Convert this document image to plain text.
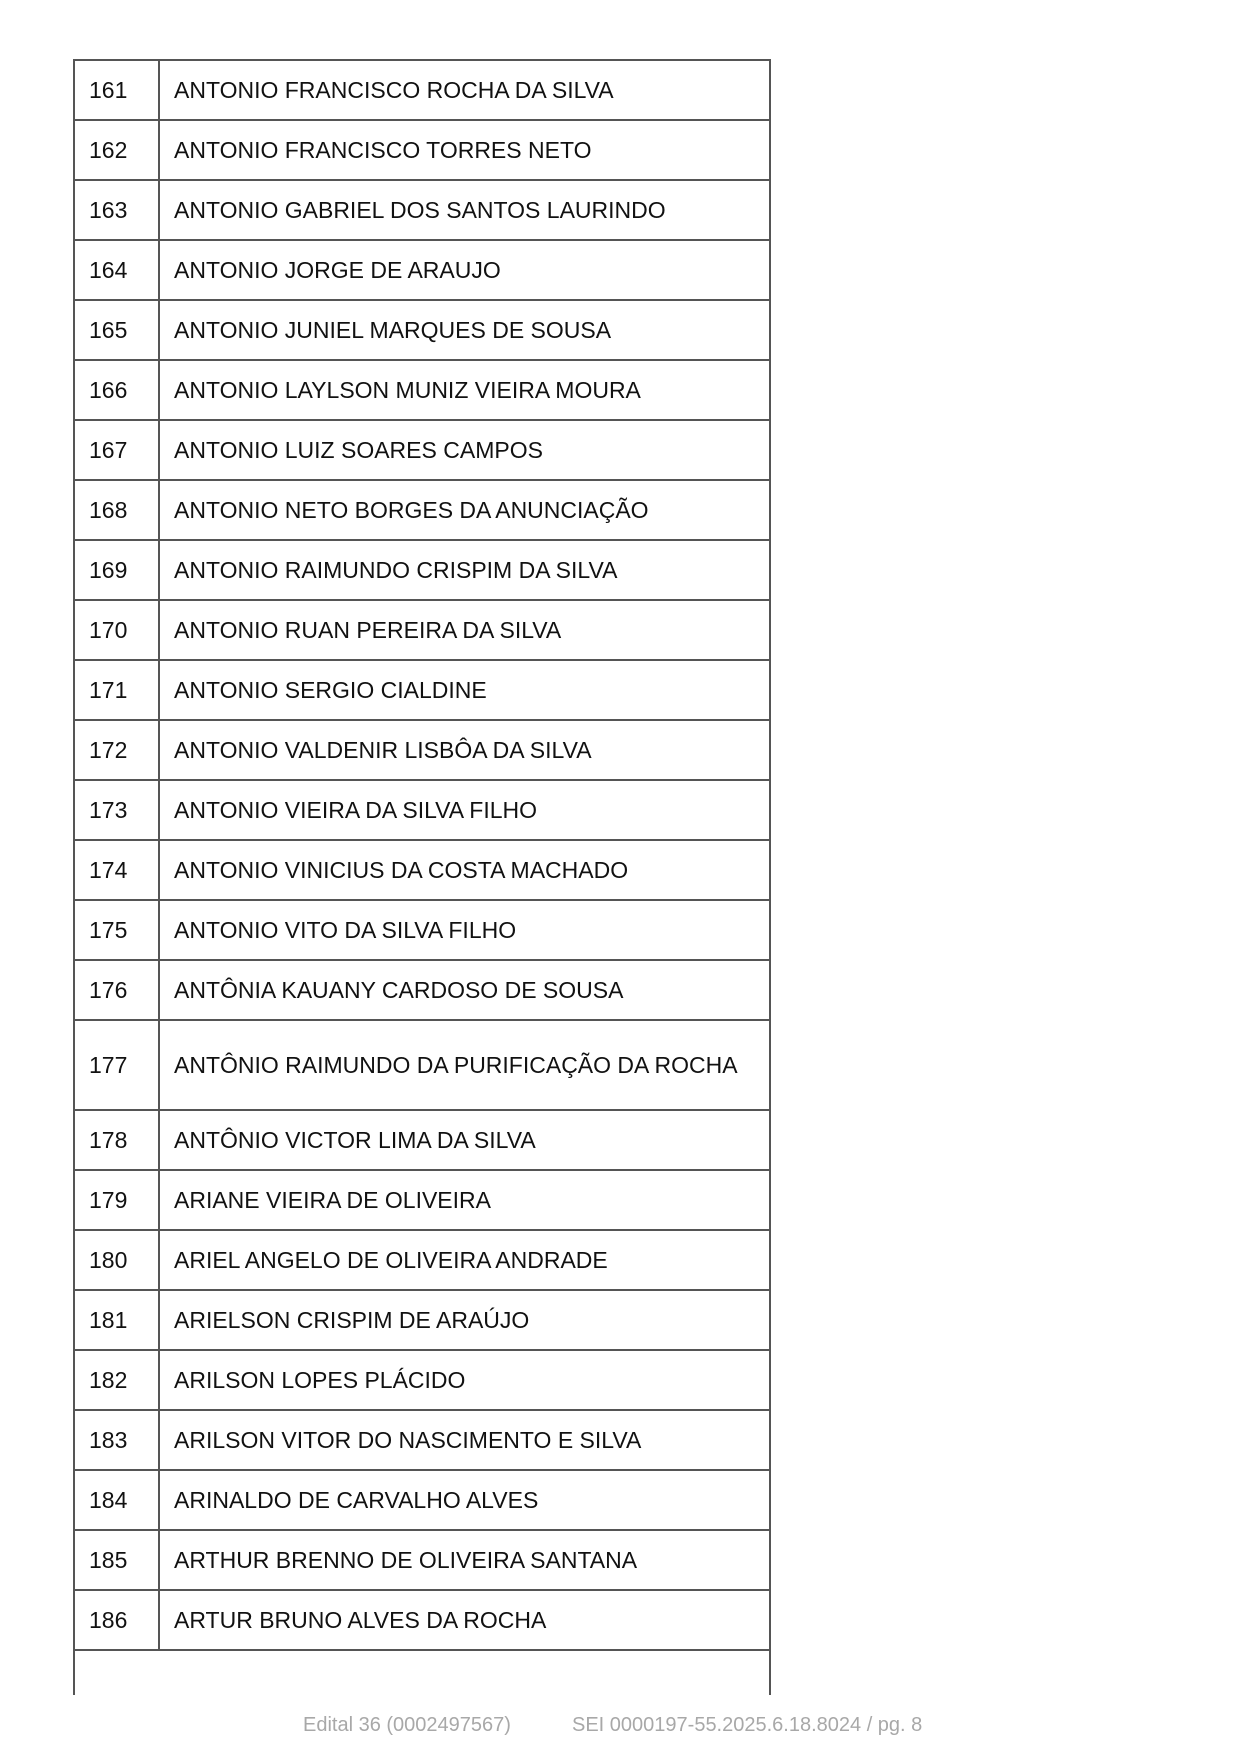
161	ANTONIO FRANCISCO ROCHA DA SILVA
162	ANTONIO FRANCISCO TORRES NETO
163	ANTONIO GABRIEL DOS SANTOS LAURINDO
164	ANTONIO JORGE DE ARAUJO
165	ANTONIO JUNIEL MARQUES DE SOUSA
166	ANTONIO LAYLSON MUNIZ VIEIRA MOURA
167	ANTONIO LUIZ SOARES CAMPOS
168	ANTONIO NETO BORGES DA ANUNCIAÇÃO
169	ANTONIO RAIMUNDO CRISPIM DA SILVA
170	ANTONIO RUAN PEREIRA DA SILVA
171	ANTONIO SERGIO CIALDINE
172	ANTONIO VALDENIR LISBÔA DA SILVA
173	ANTONIO VIEIRA DA SILVA FILHO
174	ANTONIO VINICIUS DA COSTA MACHADO
175	ANTONIO VITO DA SILVA FILHO
176	ANTÔNIA KAUANY CARDOSO DE SOUSA
177	ANTÔNIO RAIMUNDO DA PURIFICAÇÃO DA ROCHA
178	ANTÔNIO VICTOR LIMA DA SILVA
179	ARIANE VIEIRA DE OLIVEIRA
180	ARIEL ANGELO DE OLIVEIRA ANDRADE
181	ARIELSON CRISPIM DE ARAÚJO
182	ARILSON LOPES PLÁCIDO
183	ARILSON VITOR DO NASCIMENTO E SILVA
184	ARINALDO DE CARVALHO ALVES
185	ARTHUR BRENNO DE OLIVEIRA SANTANA
186	ARTUR BRUNO ALVES DA ROCHA

Edital 36 (0002497567)	SEI 0000197-55.2025.6.18.8024 / pg. 8
